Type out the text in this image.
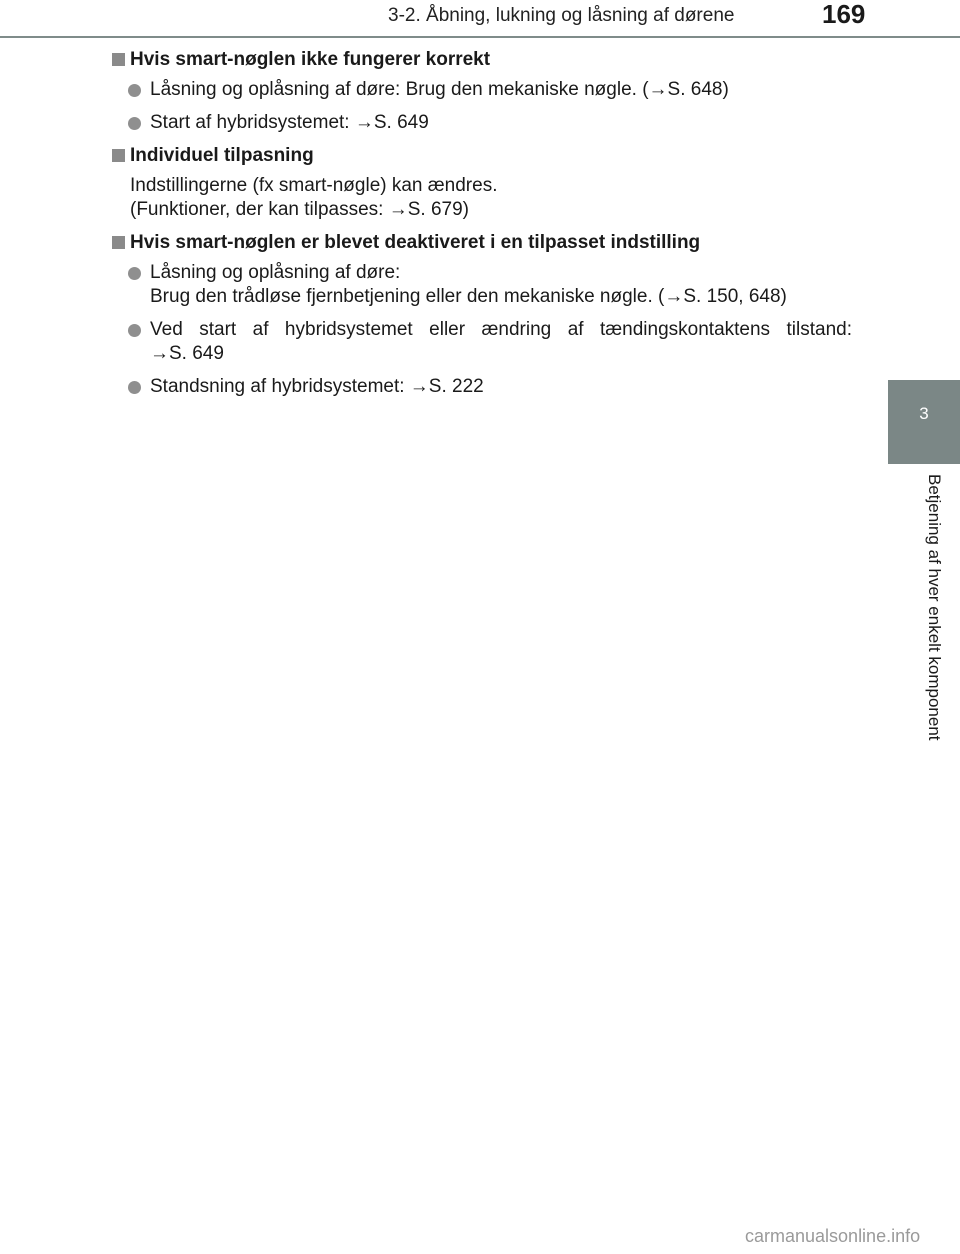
3-2. Åbning, lukning og låsning af dørene	169
3
Betjening af hver enkelt komponent
Hvis smart-nøglen ikke fungerer korrekt
Låsning og oplåsning af døre: Brug den mekaniske nøgle. (→S. 648)
Start af hybridsystemet: →S. 649
Individuel tilpasning
Indstillingerne (fx smart-nøgle) kan ændres.
(Funktioner, der kan tilpasses: →S. 679)
Hvis smart-nøglen er blevet deaktiveret i en tilpasset indstilling
Låsning og oplåsning af døre:
Brug den trådløse fjernbetjening eller den mekaniske nøgle. (→S. 150, 648)
Ved start af hybridsystemet eller ændring af tændingskontaktens tilstand:
→S. 649
Standsning af hybridsystemet: →S. 222
carmanualsonline.info
